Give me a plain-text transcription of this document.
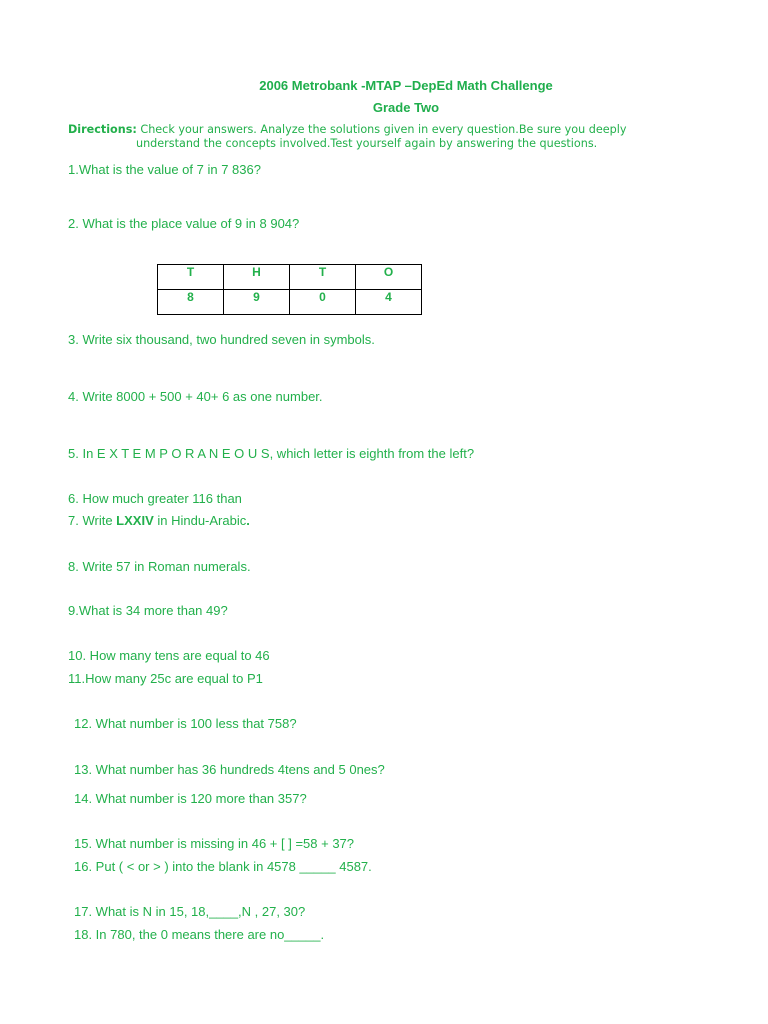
2006 Metrobank -MTAP –DepEd Math Challenge
Grade Two
Directions: Check your answers. Analyze the solutions given in every question.Be sure you deeply
understand the concepts involved.Test yourself again by answering the questions.
1.What is the value of 7 in 7 836?
2. What is the place value of 9 in 8 904?
T	H	T	O
8	9	0	4
3. Write six thousand, two hundred seven in symbols.
4. Write 8000 + 500 + 40+ 6 as one number.
5. In E X T E M P O R A N E O U S, which letter is eighth from the left?
6. How much greater 116 than
7. Write LXXIV in Hindu-Arabic.
8. Write 57 in Roman numerals.
9.What is 34 more than 49?
10. How many tens are equal to 46
11.How many 25c are equal to P1
12. What number is 100 less that 758?
13. What number has 36 hundreds 4tens and 5 0nes?
14. What number is 120 more than 357?
15. What number is missing in 46 + [ ] =58 + 37?
16. Put ( < or > ) into the blank in 4578 _____ 4587.
17. What is N in 15, 18,____,N , 27, 30?
18. In 780, the 0 means there are no_____.
